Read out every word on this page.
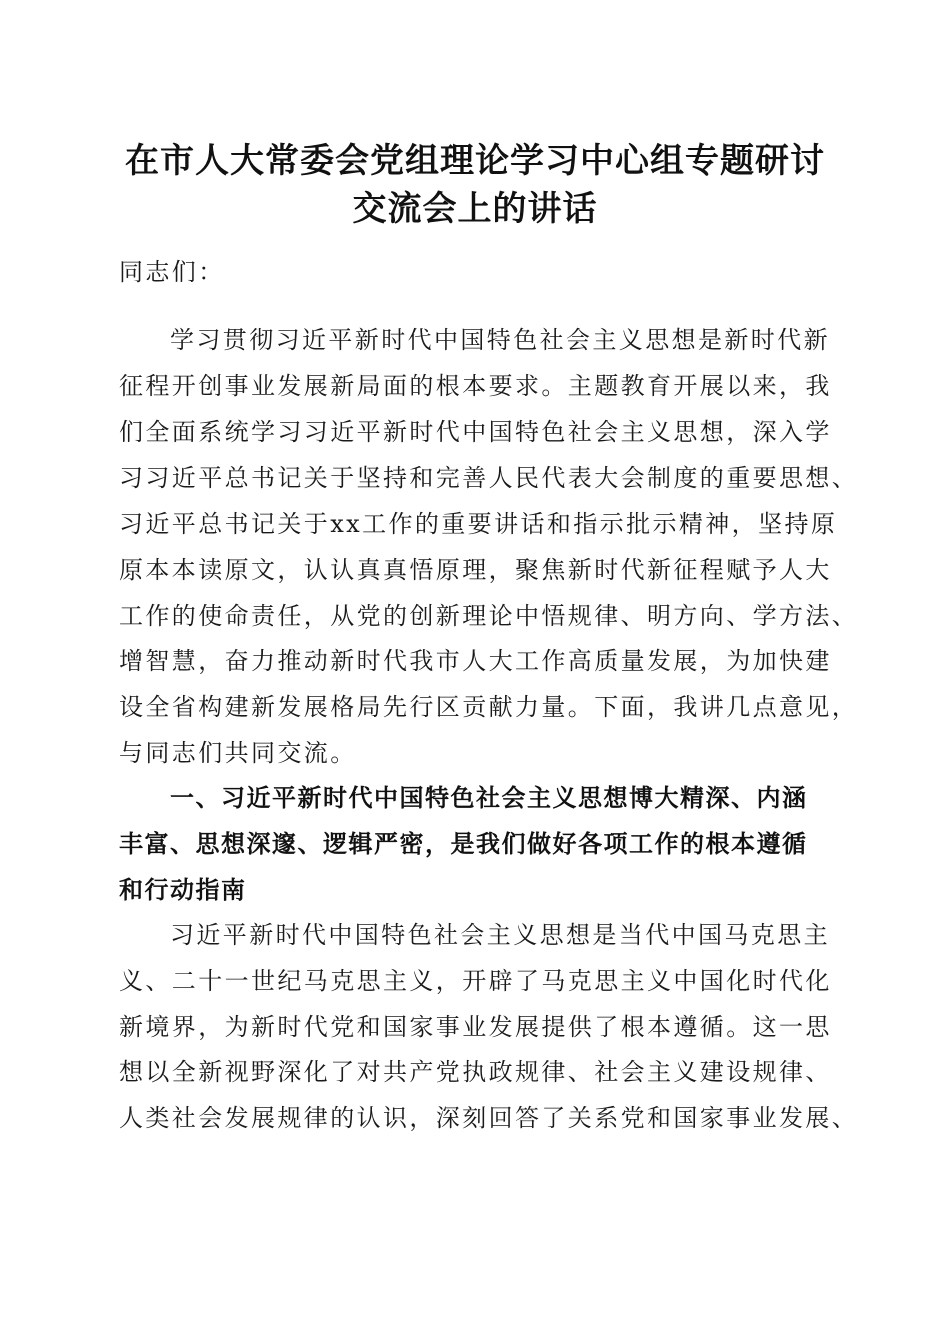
在市人大常委会党组理论学习中心组专题研讨
交流会上的讲话
同志们：
学习贯彻习近平新时代中国特色社会主义思想是新时代新
征程开创事业发展新局面的根本要求。主题教育开展以来，我
们全面系统学习习近平新时代中国特色社会主义思想，深入学
习习近平总书记关于坚持和完善人民代表大会制度的重要思想、
习近平总书记关于xx工作的重要讲话和指示批示精神，坚持原
原本本读原文，认认真真悟原理，聚焦新时代新征程赋予人大
工作的使命责任，从党的创新理论中悟规律、明方向、学方法、
增智慧，奋力推动新时代我市人大工作高质量发展，为加快建
设全省构建新发展格局先行区贡献力量。下面，我讲几点意见，
与同志们共同交流。
一、习近平新时代中国特色社会主义思想博大精深、内涵
丰富、思想深邃、逻辑严密，是我们做好各项工作的根本遵循
和行动指南
习近平新时代中国特色社会主义思想是当代中国马克思主
义、二十一世纪马克思主义，开辟了马克思主义中国化时代化
新境界，为新时代党和国家事业发展提供了根本遵循。这一思
想以全新视野深化了对共产党执政规律、社会主义建设规律、
人类社会发展规律的认识，深刻回答了关系党和国家事业发展、
